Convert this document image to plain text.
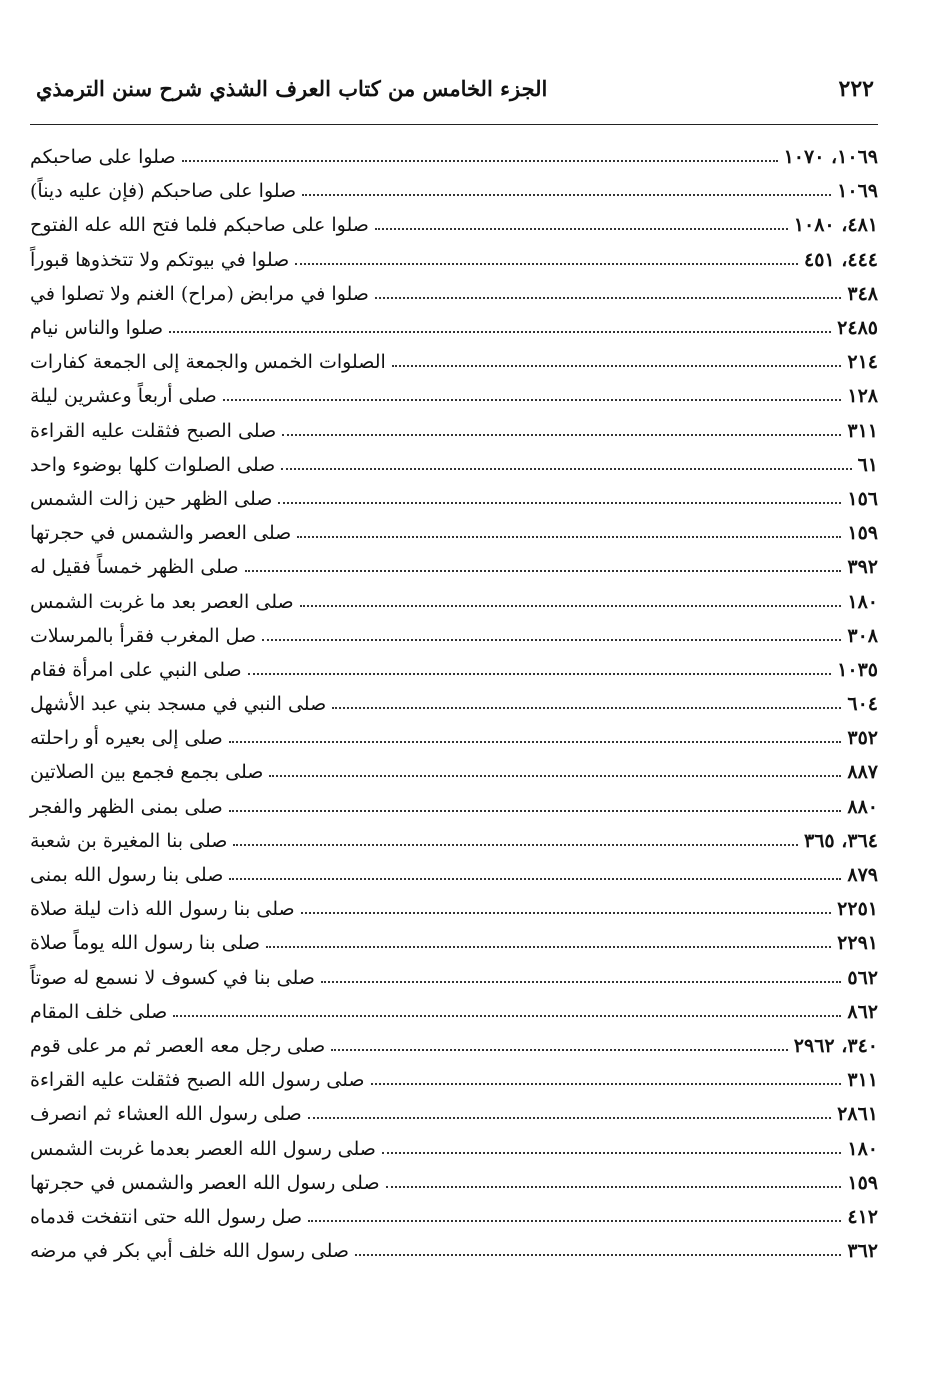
٢٢٢
الجزء الخامس من كتاب العرف الشذي شرح سنن الترمذي
صلوا على صاحبكم	١٠٦٩، ١٠٧٠
صلوا على صاحبكم (فإن عليه ديناً)	١٠٦٩
صلوا على صاحبكم فلما فتح الله عله الفتوح	٤٨١، ١٠٨٠
صلوا في بيوتكم ولا تتخذوها قبوراً	٤٤٤، ٤٥١
صلوا في مرابض (مراح) الغنم ولا تصلوا في	٣٤٨
صلوا والناس نيام	٢٤٨٥
الصلوات الخمس والجمعة إلى الجمعة كفارات	٢١٤
صلى أربعاً وعشرين ليلة	١٢٨
صلى الصبح فثقلت عليه القراءة	٣١١
صلى الصلوات كلها بوضوء واحد	٦١
صلى الظهر حين زالت الشمس	١٥٦
صلى العصر والشمس في حجرتها	١٥٩
صلى الظهر خمساً فقيل له	٣٩٢
صلى العصر بعد ما غربت الشمس	١٨٠
صل المغرب فقرأ بالمرسلات	٣٠٨
صلى النبي على امرأة فقام	١٠٣٥
صلى النبي في مسجد بني عبد الأشهل	٦٠٤
صلى إلى بعيره أو راحلته	٣٥٢
صلى بجمع فجمع بين الصلاتين	٨٨٧
صلى بمنى الظهر والفجر	٨٨٠
صلى بنا المغيرة بن شعبة	٣٦٤، ٣٦٥
صلى بنا رسول الله بمنى	٨٧٩
صلى بنا رسول الله ذات ليلة صلاة	٢٢٥١
صلى بنا رسول الله يوماً صلاة	٢٢٩١
صلى بنا في كسوف لا نسمع له صوتاً	٥٦٢
صلى خلف المقام	٨٦٢
صلى رجل معه العصر ثم مر على قوم	٣٤٠، ٢٩٦٢
صلى رسول الله الصبح فثقلت عليه القراءة	٣١١
صلى رسول الله العشاء ثم انصرف	٢٨٦١
صلى رسول الله العصر بعدما غربت الشمس	١٨٠
صلى رسول الله العصر والشمس في حجرتها	١٥٩
صل رسول الله حتى انتفخت قدماه	٤١٢
صلى رسول الله خلف أبي بكر في مرضه	٣٦٢
